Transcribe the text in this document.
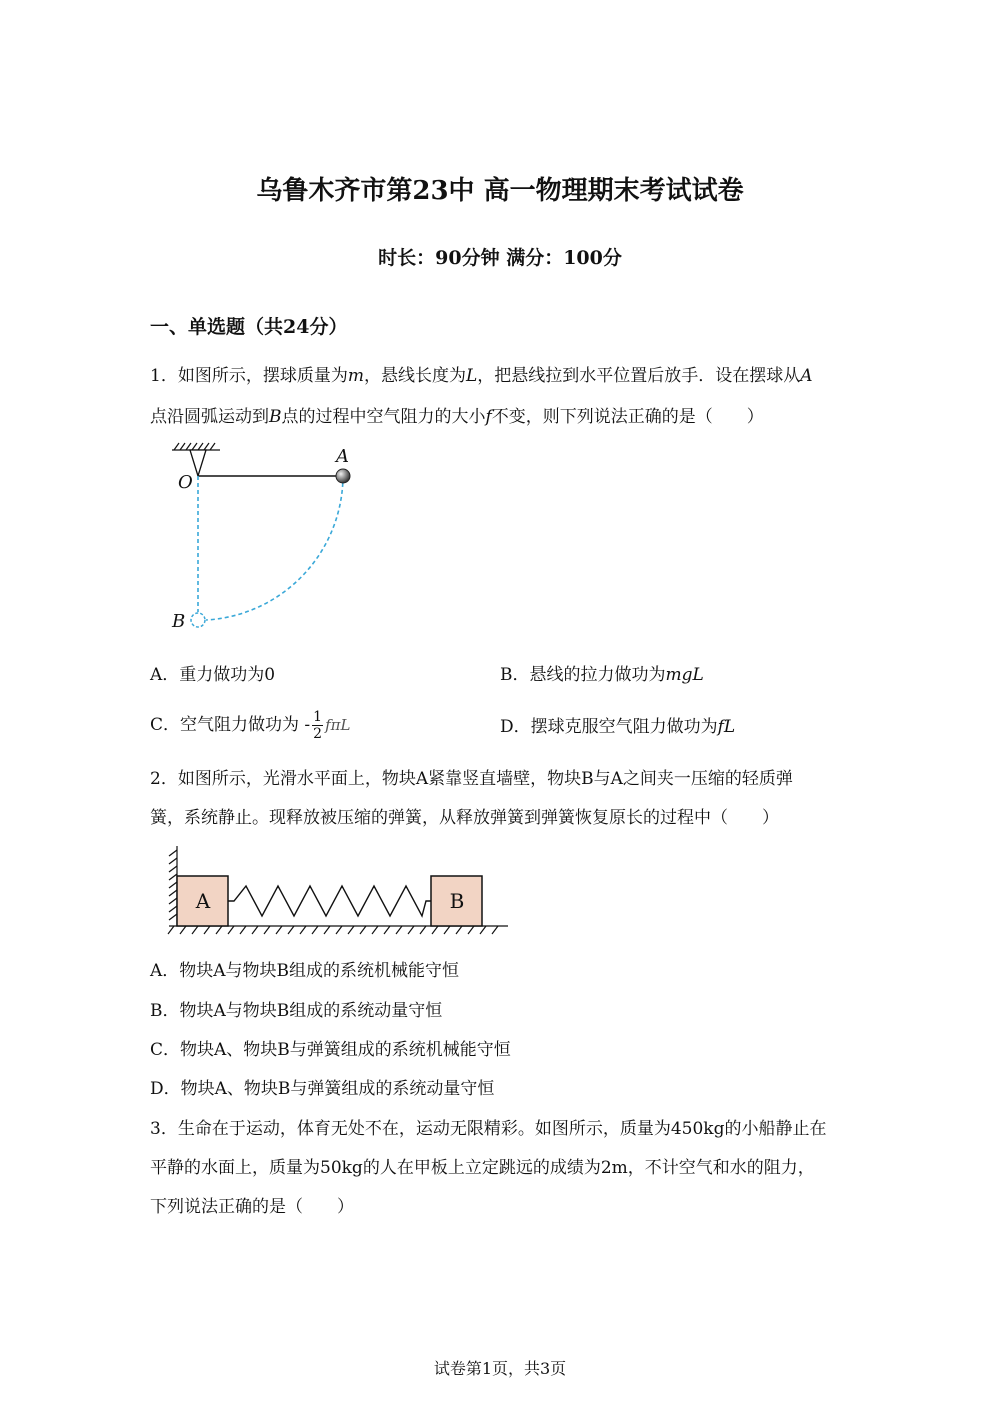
乌鲁木齐市第23中 高一物理期末考试试卷
时长：90分钟 满分：100分
一、单选题（共24分）
1．如图所示，摆球质量为m，悬线长度为L，把悬线拉到水平位置后放手．设在摆球从A
点沿圆弧运动到B点的过程中空气阻力的大小f不变，则下列说法正确的是（　　）
A
O
B
A．重力做功为0	B．悬线的拉力做功为mgL
C．空气阻力做功为 - $\frac{1}{2}$ fπL	D．摆球克服空气阻力做功为fL
2．如图所示，光滑水平面上，物块A紧靠竖直墙壁，物块B与A之间夹一压缩的轻质弹
簧，系统静止。现释放被压缩的弹簧，从释放弹簧到弹簧恢复原长的过程中（　　）
A	B
A．物块A与物块B组成的系统机械能守恒
B．物块A与物块B组成的系统动量守恒
C．物块A、物块B与弹簧组成的系统机械能守恒
D．物块A、物块B与弹簧组成的系统动量守恒
3．生命在于运动，体育无处不在，运动无限精彩。如图所示，质量为450kg的小船静止在
平静的水面上，质量为50kg的人在甲板上立定跳远的成绩为2m，不计空气和水的阻力，
下列说法正确的是（　　）
试卷第1页，共3页
